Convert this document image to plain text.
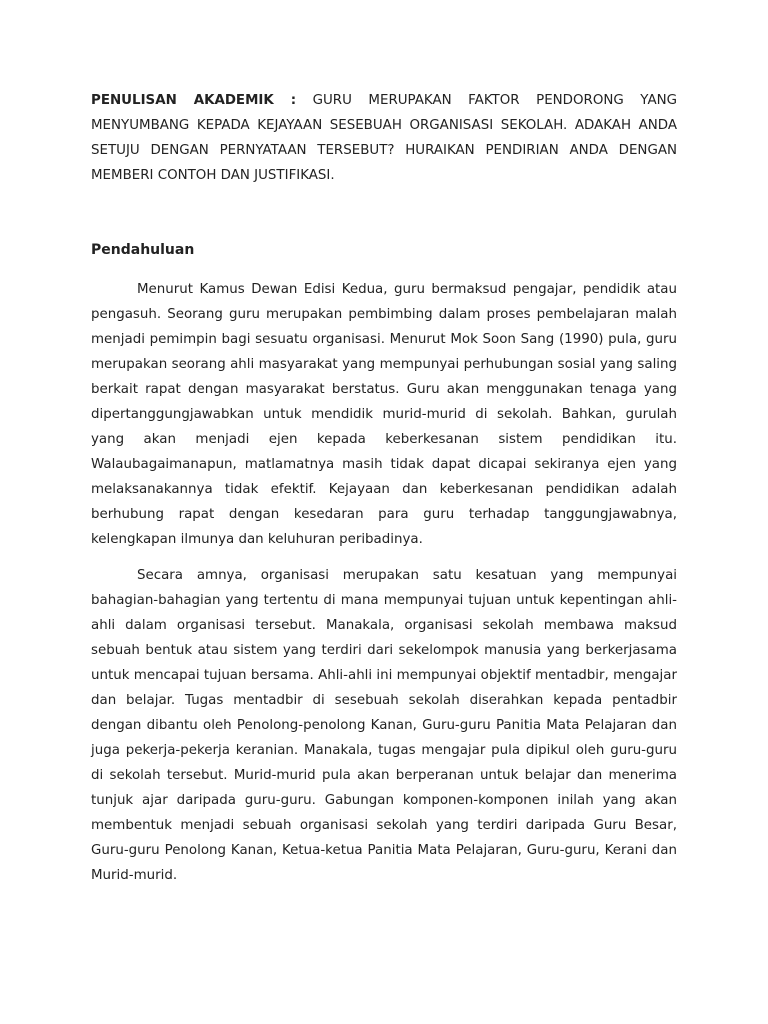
PENULISAN AKADEMIK : GURU MERUPAKAN FAKTOR PENDORONG YANG MENYUMBANG KEPADA KEJAYAAN SESEBUAH ORGANISASI SEKOLAH. ADAKAH ANDA SETUJU DENGAN PERNYATAAN TERSEBUT? HURAIKAN PENDIRIAN ANDA DENGAN MEMBERI CONTOH DAN JUSTIFIKASI.

Pendahuluan

Menurut Kamus Dewan Edisi Kedua, guru bermaksud pengajar, pendidik atau pengasuh. Seorang guru merupakan pembimbing dalam proses pembelajaran malah menjadi pemimpin bagi sesuatu organisasi. Menurut Mok Soon Sang (1990) pula, guru merupakan seorang ahli masyarakat yang mempunyai perhubungan sosial yang saling berkait rapat dengan masyarakat berstatus. Guru akan menggunakan tenaga yang dipertanggungjawabkan untuk mendidik murid-murid di sekolah. Bahkan, gurulah yang akan menjadi ejen kepada keberkesanan sistem pendidikan itu. Walaubagaimanapun, matlamatnya masih tidak dapat dicapai sekiranya ejen yang melaksanakannya tidak efektif. Kejayaan dan keberkesanan pendidikan adalah berhubung rapat dengan kesedaran para guru terhadap tanggungjawabnya, kelengkapan ilmunya dan keluhuran peribadinya.

Secara amnya, organisasi merupakan satu kesatuan yang mempunyai bahagian-bahagian yang tertentu di mana mempunyai tujuan untuk kepentingan ahli-ahli dalam organisasi tersebut. Manakala, organisasi sekolah membawa maksud sebuah bentuk atau sistem yang terdiri dari sekelompok manusia yang berkerjasama untuk mencapai tujuan bersama. Ahli-ahli ini mempunyai objektif mentadbir, mengajar dan belajar. Tugas mentadbir di sesebuah sekolah diserahkan kepada pentadbir dengan dibantu oleh Penolong-penolong Kanan, Guru-guru Panitia Mata Pelajaran dan juga pekerja-pekerja keranian. Manakala, tugas mengajar pula dipikul oleh guru-guru di sekolah tersebut. Murid-murid pula akan berperanan untuk belajar dan menerima tunjuk ajar daripada guru-guru. Gabungan komponen-komponen inilah yang akan membentuk menjadi sebuah organisasi sekolah yang terdiri daripada Guru Besar, Guru-guru Penolong Kanan, Ketua-ketua Panitia Mata Pelajaran, Guru-guru, Kerani dan Murid-murid.
